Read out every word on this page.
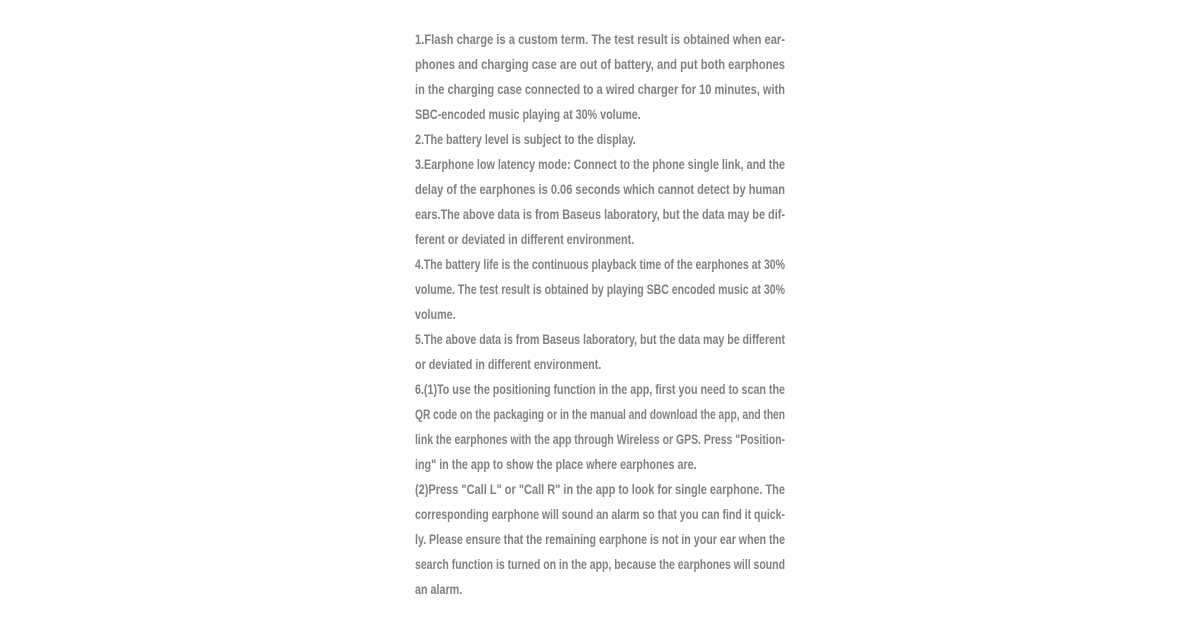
1.Flash charge is a custom term. The test result is obtained when ear-
phones and charging case are out of battery, and put both earphones
in the charging case connected to a wired charger for 10 minutes, with
SBC-encoded music playing at 30% volume.
2.The battery level is subject to the display.
3.Earphone low latency mode: Connect to the phone single link, and the
delay of the earphones is 0.06 seconds which cannot detect by human
ears.The above data is from Baseus laboratory, but the data may be dif-
ferent or deviated in different environment.
4.The battery life is the continuous playback time of the earphones at 30%
volume. The test result is obtained by playing SBC encoded music at 30%
volume.
5.The above data is from Baseus laboratory, but the data may be different
or deviated in different environment.
6.(1)To use the positioning function in the app, first you need to scan the
QR code on the packaging or in the manual and download the app, and then
link the earphones with the app through Wireless or GPS. Press "Position-
ing" in the app to show the place where earphones are.
(2)Press "Call L" or "Call R" in the app to look for single earphone. The
corresponding earphone will sound an alarm so that you can find it quick-
ly. Please ensure that the remaining earphone is not in your ear when the
search function is turned on in the app, because the earphones will sound
an alarm.
